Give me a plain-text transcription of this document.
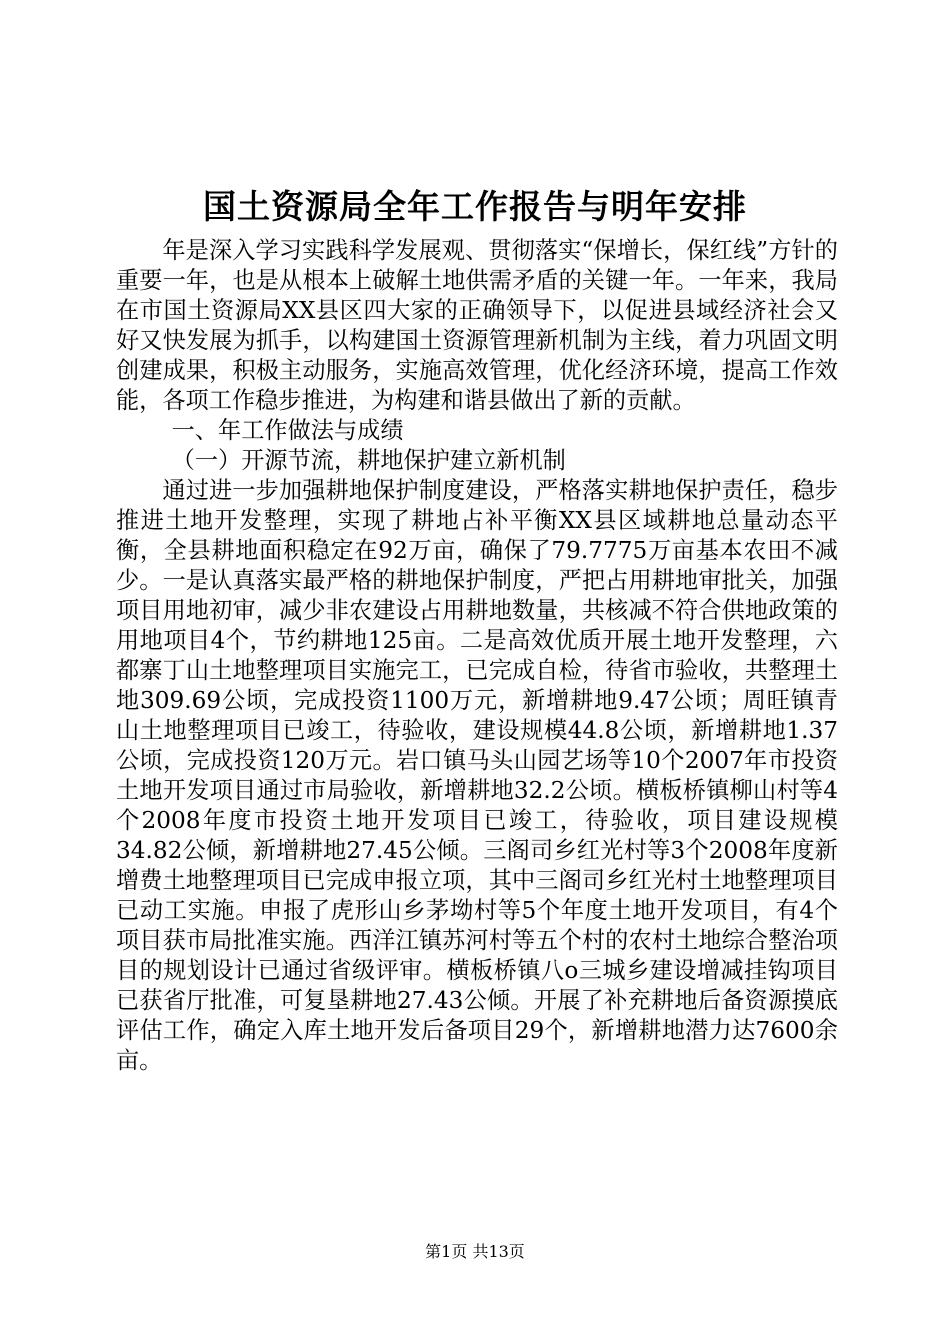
国土资源局全年工作报告与明年安排

年是深入学习实践科学发展观、贯彻落实“保增长，保红线”方针的重要一年，也是从根本上破解土地供需矛盾的关键一年。一年来，我局在市国土资源局XX县区四大家的正确领导下，以促进县域经济社会又好又快发展为抓手，以构建国土资源管理新机制为主线，着力巩固文明创建成果，积极主动服务，实施高效管理，优化经济环境，提高工作效能，各项工作稳步推进，为构建和谐县做出了新的贡献。

一、年工作做法与成绩

（一）开源节流，耕地保护建立新机制

通过进一步加强耕地保护制度建设，严格落实耕地保护责任，稳步推进土地开发整理，实现了耕地占补平衡XX县区域耕地总量动态平衡，全县耕地面积稳定在92万亩，确保了79.7775万亩基本农田不减少。一是认真落实最严格的耕地保护制度，严把占用耕地审批关，加强项目用地初审，减少非农建设占用耕地数量，共核减不符合供地政策的用地项目4个，节约耕地125亩。二是高效优质开展土地开发整理，六都寨丁山土地整理项目实施完工，已完成自检，待省市验收，共整理土地309.69公顷，完成投资1100万元，新增耕地9.47公顷；周旺镇青山土地整理项目已竣工，待验收，建设规模44.8公顷，新增耕地1.37公顷，完成投资120万元。岩口镇马头山园艺场等10个2007年市投资土地开发项目通过市局验收，新增耕地32.2公顷。横板桥镇柳山村等4个2008年度市投资土地开发项目已竣工，待验收，项目建设规模34.82公倾，新增耕地27.45公倾。三阁司乡红光村等3个2008年度新增费土地整理项目已完成申报立项，其中三阁司乡红光村土地整理项目已动工实施。申报了虎形山乡茅坳村等5个年度土地开发项目，有4个项目获市局批准实施。西洋江镇苏河村等五个村的农村土地综合整治项目的规划设计已通过省级评审。横板桥镇八o三城乡建设增减挂钩项目已获省厅批准，可复垦耕地27.43公倾。开展了补充耕地后备资源摸底评估工作，确定入库土地开发后备项目29个，新增耕地潜力达7600余亩。

第1页 共13页
